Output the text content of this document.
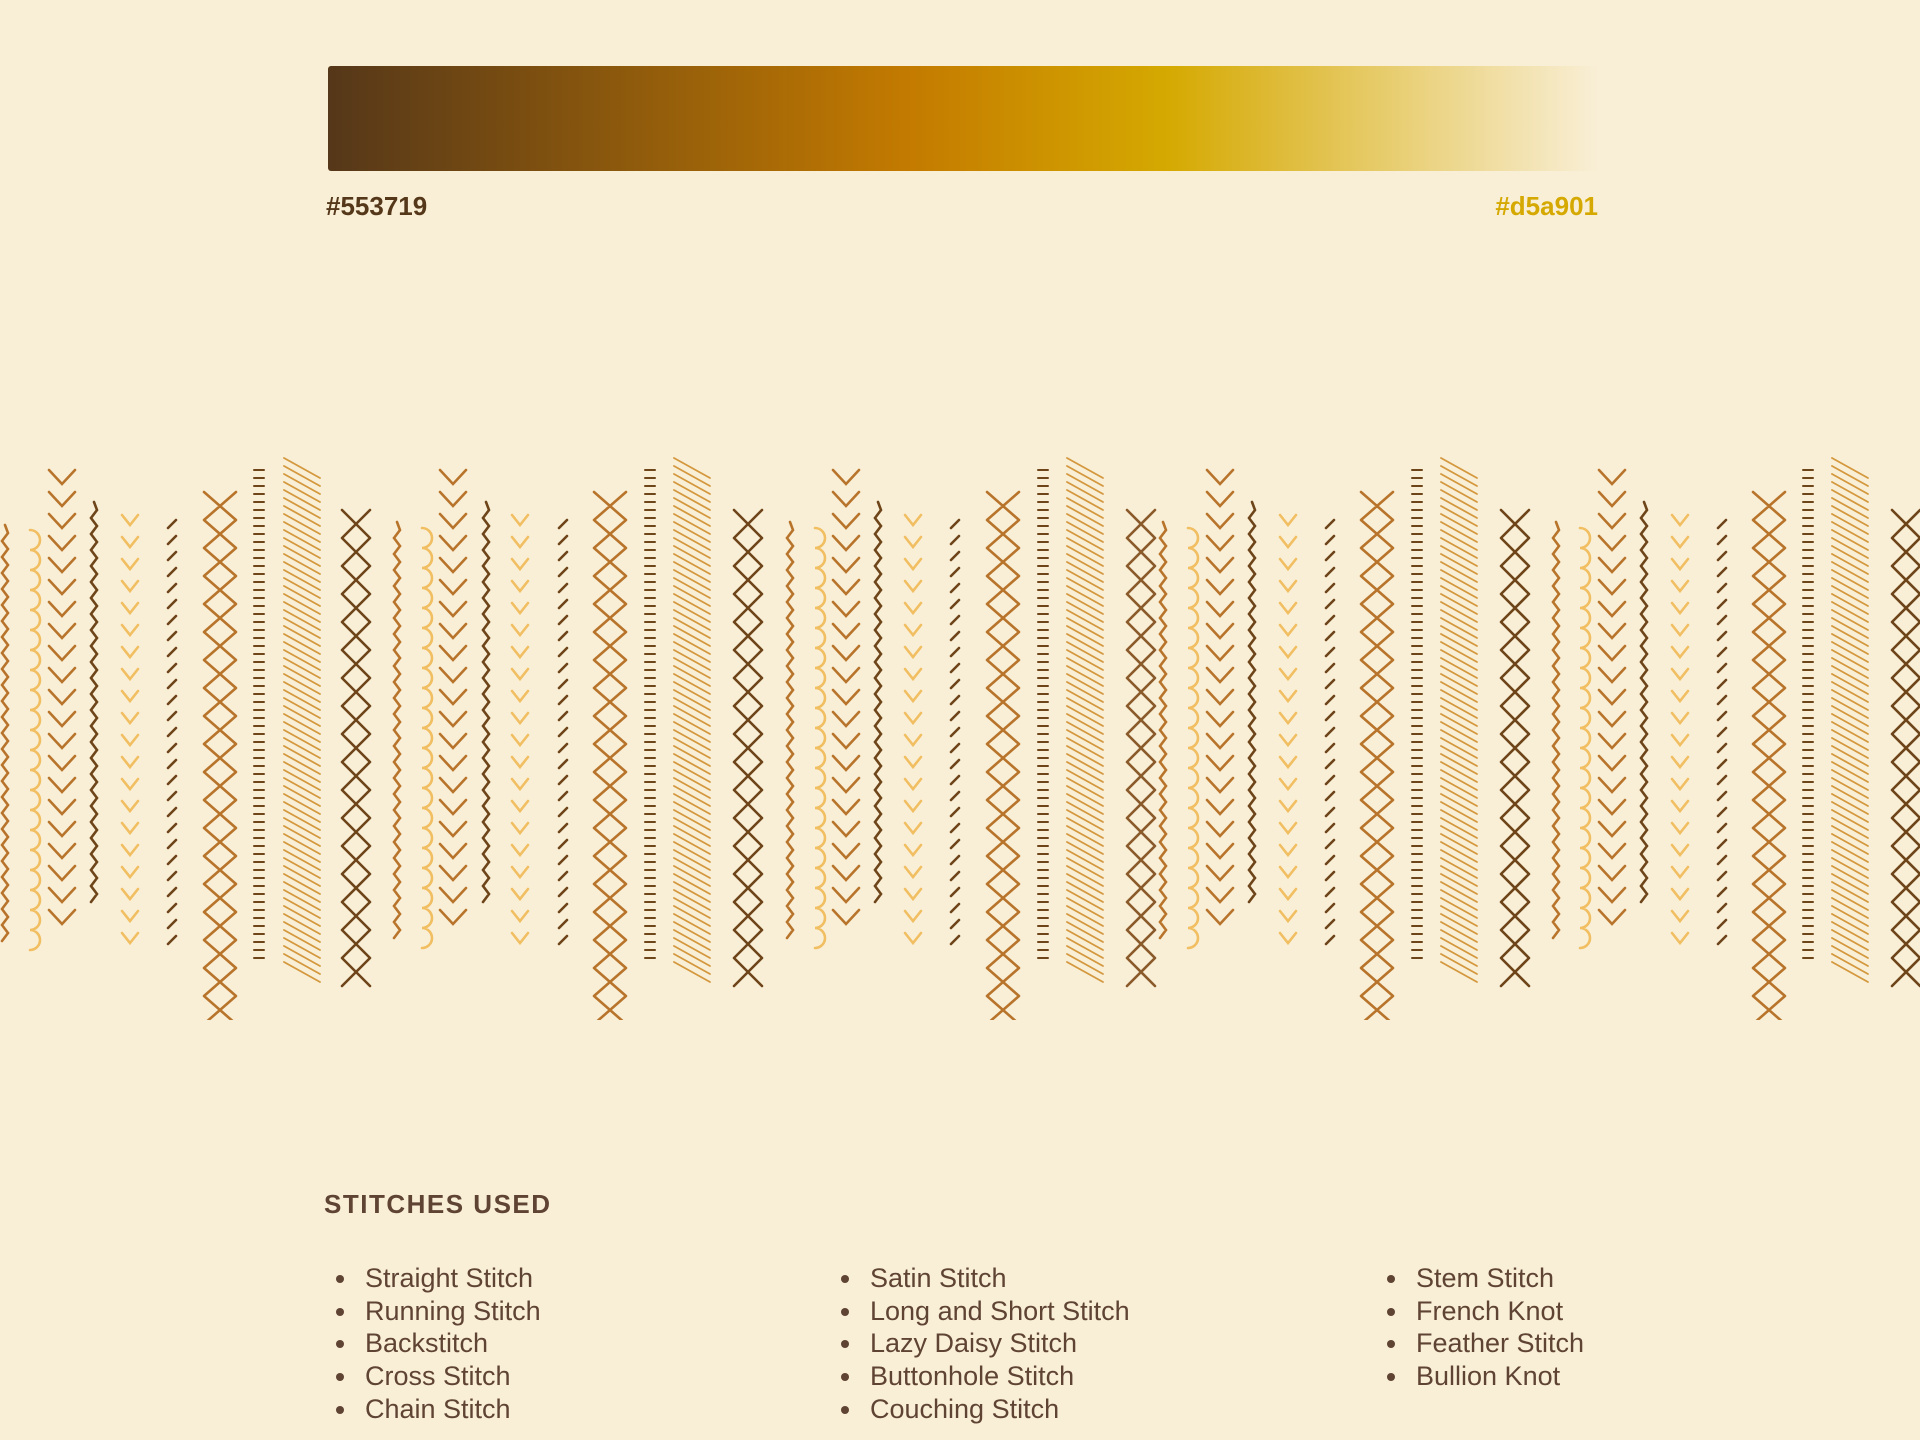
#553719	#d5a901
STITCHES USED
• Straight Stitch
• Running Stitch
• Backstitch
• Cross Stitch
• Chain Stitch
• Satin Stitch
• Long and Short Stitch
• Lazy Daisy Stitch
• Buttonhole Stitch
• Couching Stitch
• Stem Stitch
• French Knot
• Feather Stitch
• Bullion Knot
